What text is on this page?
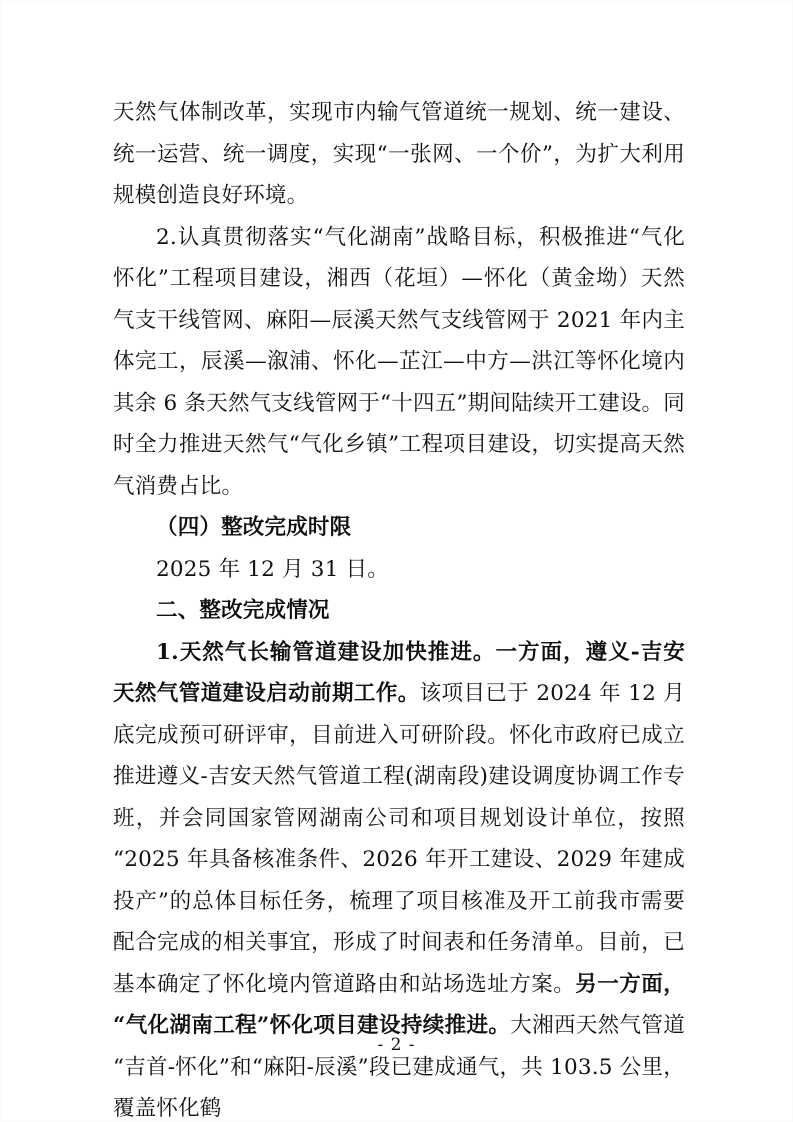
天然气体制改革，实现市内输气管道统一规划、统一建设、统一运营、统一调度，实现“一张网、一个价”，为扩大利用规模创造良好环境。

2.认真贯彻落实“气化湖南”战略目标，积极推进“气化怀化”工程项目建设，湘西（花垣）—怀化（黄金坳）天然气支干线管网、麻阳—辰溪天然气支线管网于 2021 年内主体完工，辰溪—溆浦、怀化—芷江—中方—洪江等怀化境内其余 6 条天然气支线管网于“十四五”期间陆续开工建设。同时全力推进天然气“气化乡镇”工程项目建设，切实提高天然气消费占比。

（四）整改完成时限

2025 年 12 月 31 日。

二、整改完成情况

1.天然气长输管道建设加快推进。一方面，遵义-吉安天然气管道建设启动前期工作。该项目已于 2024 年 12 月底完成预可研评审，目前进入可研阶段。怀化市政府已成立推进遵义-吉安天然气管道工程(湖南段)建设调度协调工作专班，并会同国家管网湖南公司和项目规划设计单位，按照“2025 年具备核准条件、2026 年开工建设、2029 年建成投产”的总体目标任务，梳理了项目核准及开工前我市需要配合完成的相关事宜，形成了时间表和任务清单。目前，已基本确定了怀化境内管道路由和站场选址方案。另一方面，“气化湖南工程”怀化项目建设持续推进。大湘西天然气管道“吉首-怀化”和“麻阳-辰溪”段已建成通气，共 103.5 公里，覆盖怀化鹤

- 2 -
